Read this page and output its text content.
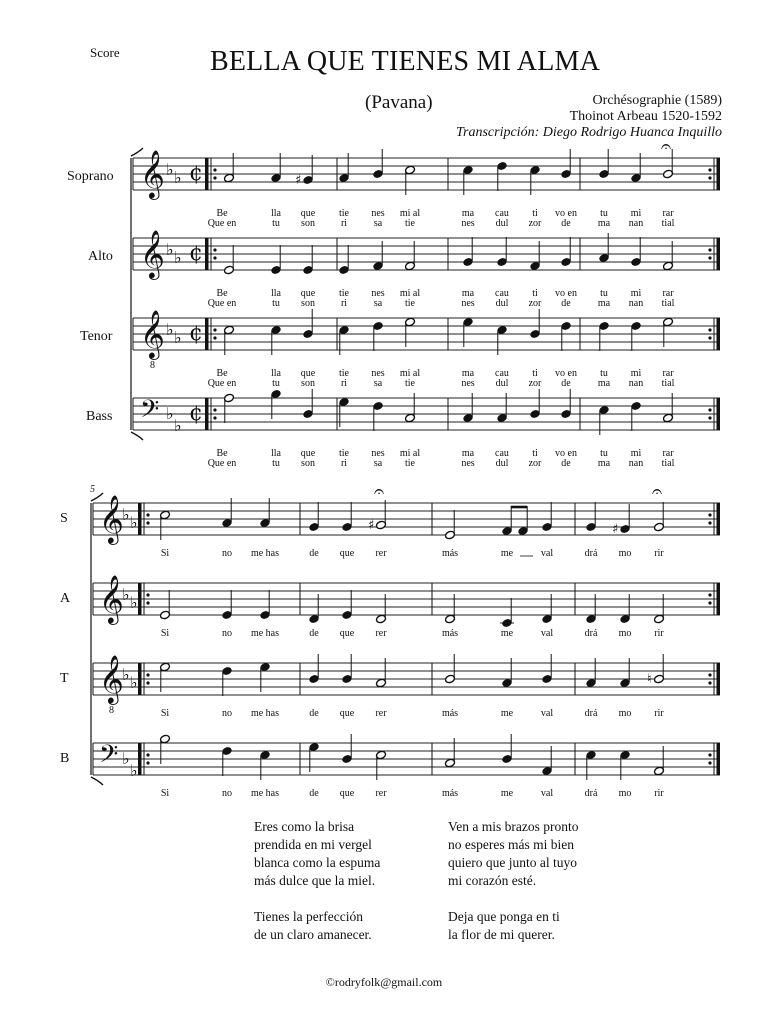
Score	BELLA QUE TIENES MI ALMA
(Pavana)	Orchésographie (1589)
Thoinot Arbeau 1520-1592
Transcripción: Diego Rodrigo Huanca Inquillo
Soprano 𝄞 ♭ ♭ ¢	♯
𝄐
Be	lla que tie nes mi al	ma cau ti vo en tu mi rar
Que en	tu son	ri	sa tie	nes dul zor de	ma nan tial
Alto 𝄞 ♭ ♭ ¢
Be	lla que tie nes mi al	ma cau ti vo en tu mi rar
Que en	tu son	ri	sa tie	nes dul zor de	ma nan tial
Tenor 𝄞
8
♭ ♭ ¢
Be	lla que tie nes mi al	ma cau ti vo en tu mi rar
Que en	tu son	ri	sa tie	nes dul zor de	ma nan tial
Bass 𝄢 ♭
♭ ¢
Be	lla que tie nes mi al	ma cau ti vo en tu mi rar
Que en	tu son	ri	sa tie	nes dul zor de	ma nan tial
5
S 𝄞
♭ ♭	♯
𝄐
♯
𝄐
Si	no me has	de que rer	más	me	val	drá mo rir
A 𝄞
♭ ♭
Si	no me has	de que rer	más	me	val	drá mo rir
T 𝄞
8
♭ ♭	♮
Si	no me has	de que rer	más	me	val	drá mo rir
B 𝄢 ♭
♭
Si	no me has	de que rer	más	me	val	drá mo rir
Eres como la brisa
prendida en mi vergel
blanca como la espuma
más dulce que la miel.

Tienes la perfección
de un claro amanecer.
Ven a mis brazos pronto
no esperes más mi bien
quiero que junto al tuyo
mi corazón esté.

Deja que ponga en ti
la flor de mi querer.
©rodryfolk@gmail.com
